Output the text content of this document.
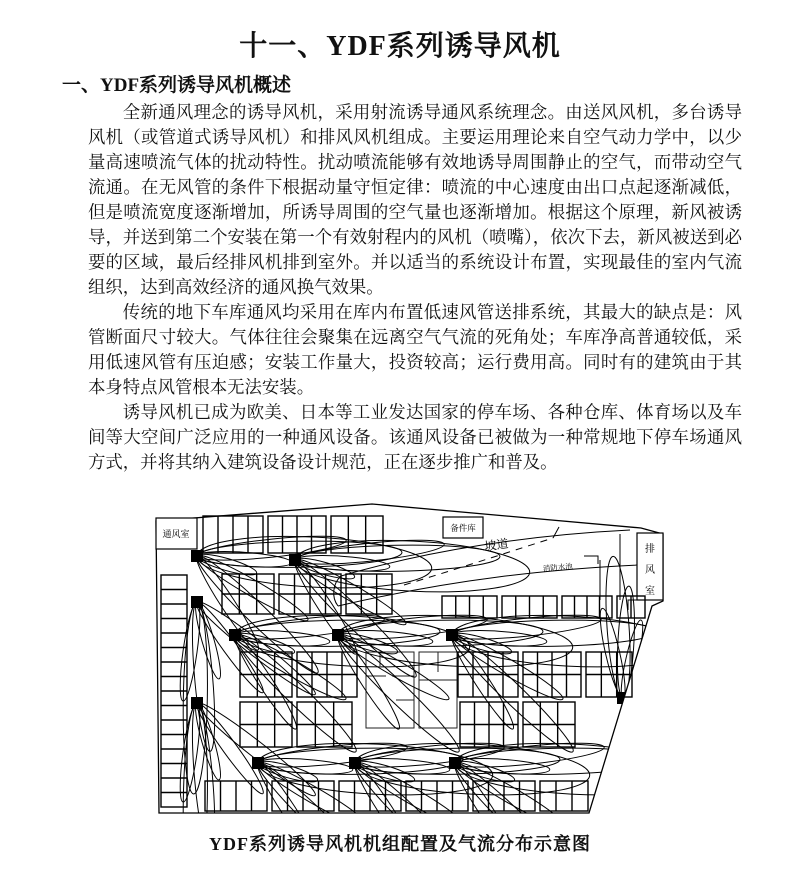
十一、YDF系列诱导风机
一、YDF系列诱导风机概述

全新通风理念的诱导风机，采用射流诱导通风系统理念。由送风风机，多台诱导风机（或管道式诱导风机）和排风风机组成。主要运用理论来自空气动力学中，以少量高速喷流气体的扰动特性。扰动喷流能够有效地诱导周围静止的空气，而带动空气流通。在无风管的条件下根据动量守恒定律：喷流的中心速度由出口点起逐渐减低，但是喷流宽度逐渐增加，所诱导周围的空气量也逐渐增加。根据这个原理，新风被诱导，并送到第二个安装在第一个有效射程内的风机（喷嘴），依次下去，新风被送到必要的区域，最后经排风机排到室外。并以适当的系统设计布置，实现最佳的室内气流组织，达到高效经济的通风换气效果。

传统的地下车库通风均采用在库内布置低速风管送排系统，其最大的缺点是：风管断面尺寸较大。气体往往会聚集在远离空气气流的死角处；车库净高普通较低，采用低速风管有压迫感；安装工作量大，投资较高；运行费用高。同时有的建筑由于其本身特点风管根本无法安装。

诱导风机已成为欧美、日本等工业发达国家的停车场、各种仓库、体育场以及车间等大空间广泛应用的一种通风设备。该通风设备已被做为一种常规地下停车场通风方式，并将其纳入建筑设备设计规范，正在逐步推广和普及。

通风室
备件库
坡道	排
风
室
消防水池
YDF系列诱导风机机组配置及气流分布示意图
